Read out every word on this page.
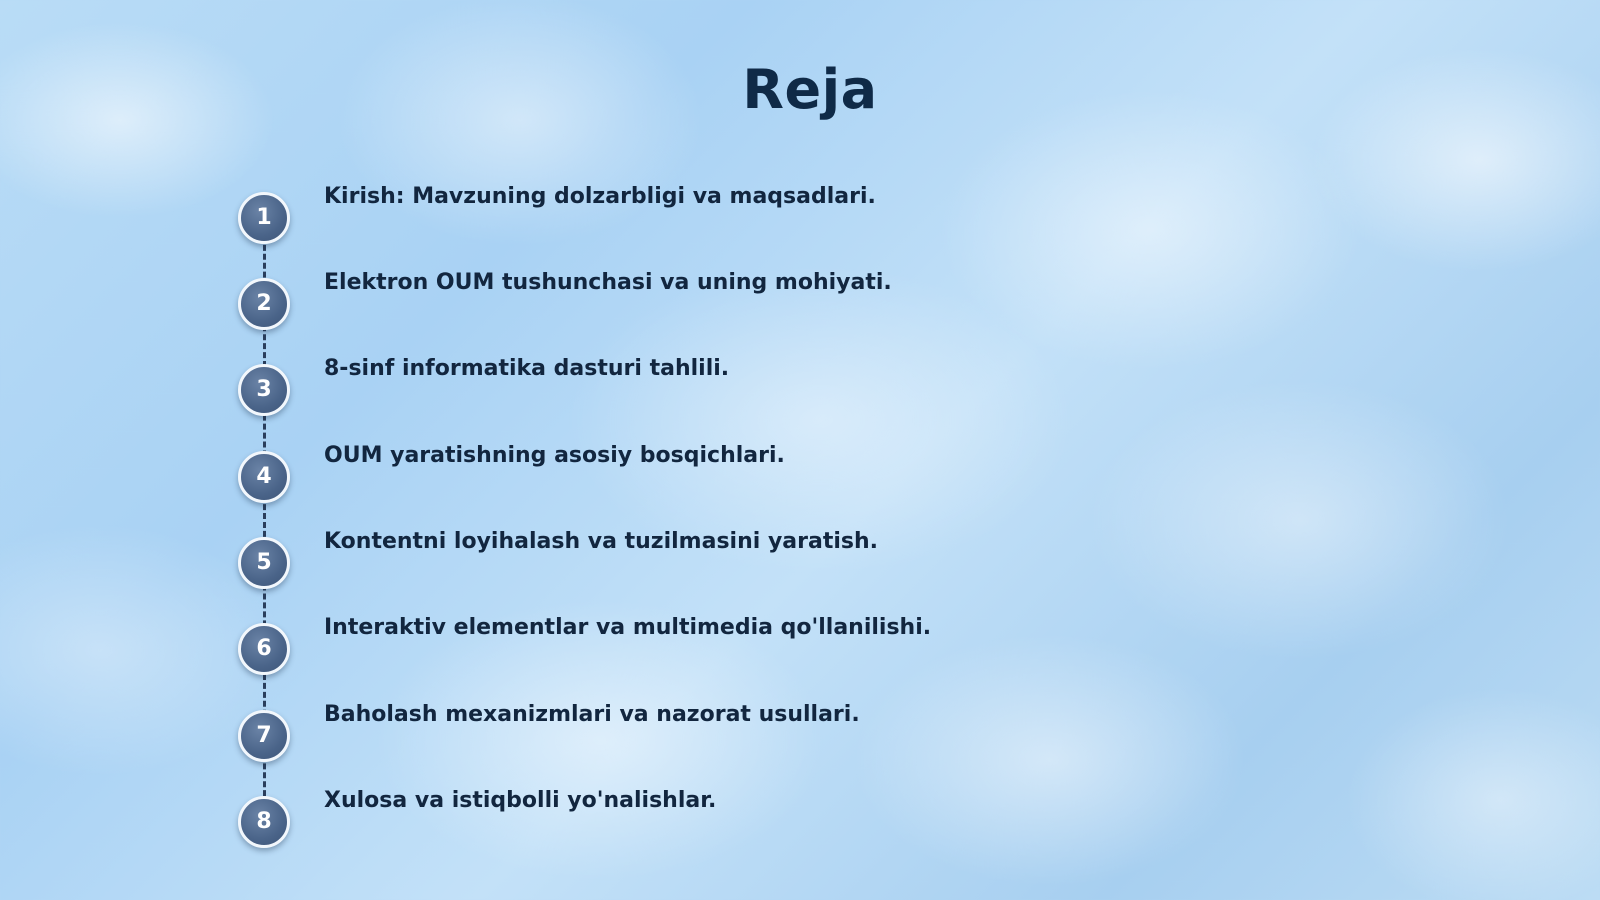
Reja
1
Kirish: Mavzuning dolzarbligi va maqsadlari.
2
Elektron OUM tushunchasi va uning mohiyati.
3
8-sinf informatika dasturi tahlili.
4
OUM yaratishning asosiy bosqichlari.
5
Kontentni loyihalash va tuzilmasini yaratish.
6
Interaktiv elementlar va multimedia qo'llanilishi.
7
Baholash mexanizmlari va nazorat usullari.
8
Xulosa va istiqbolli yo'nalishlar.
